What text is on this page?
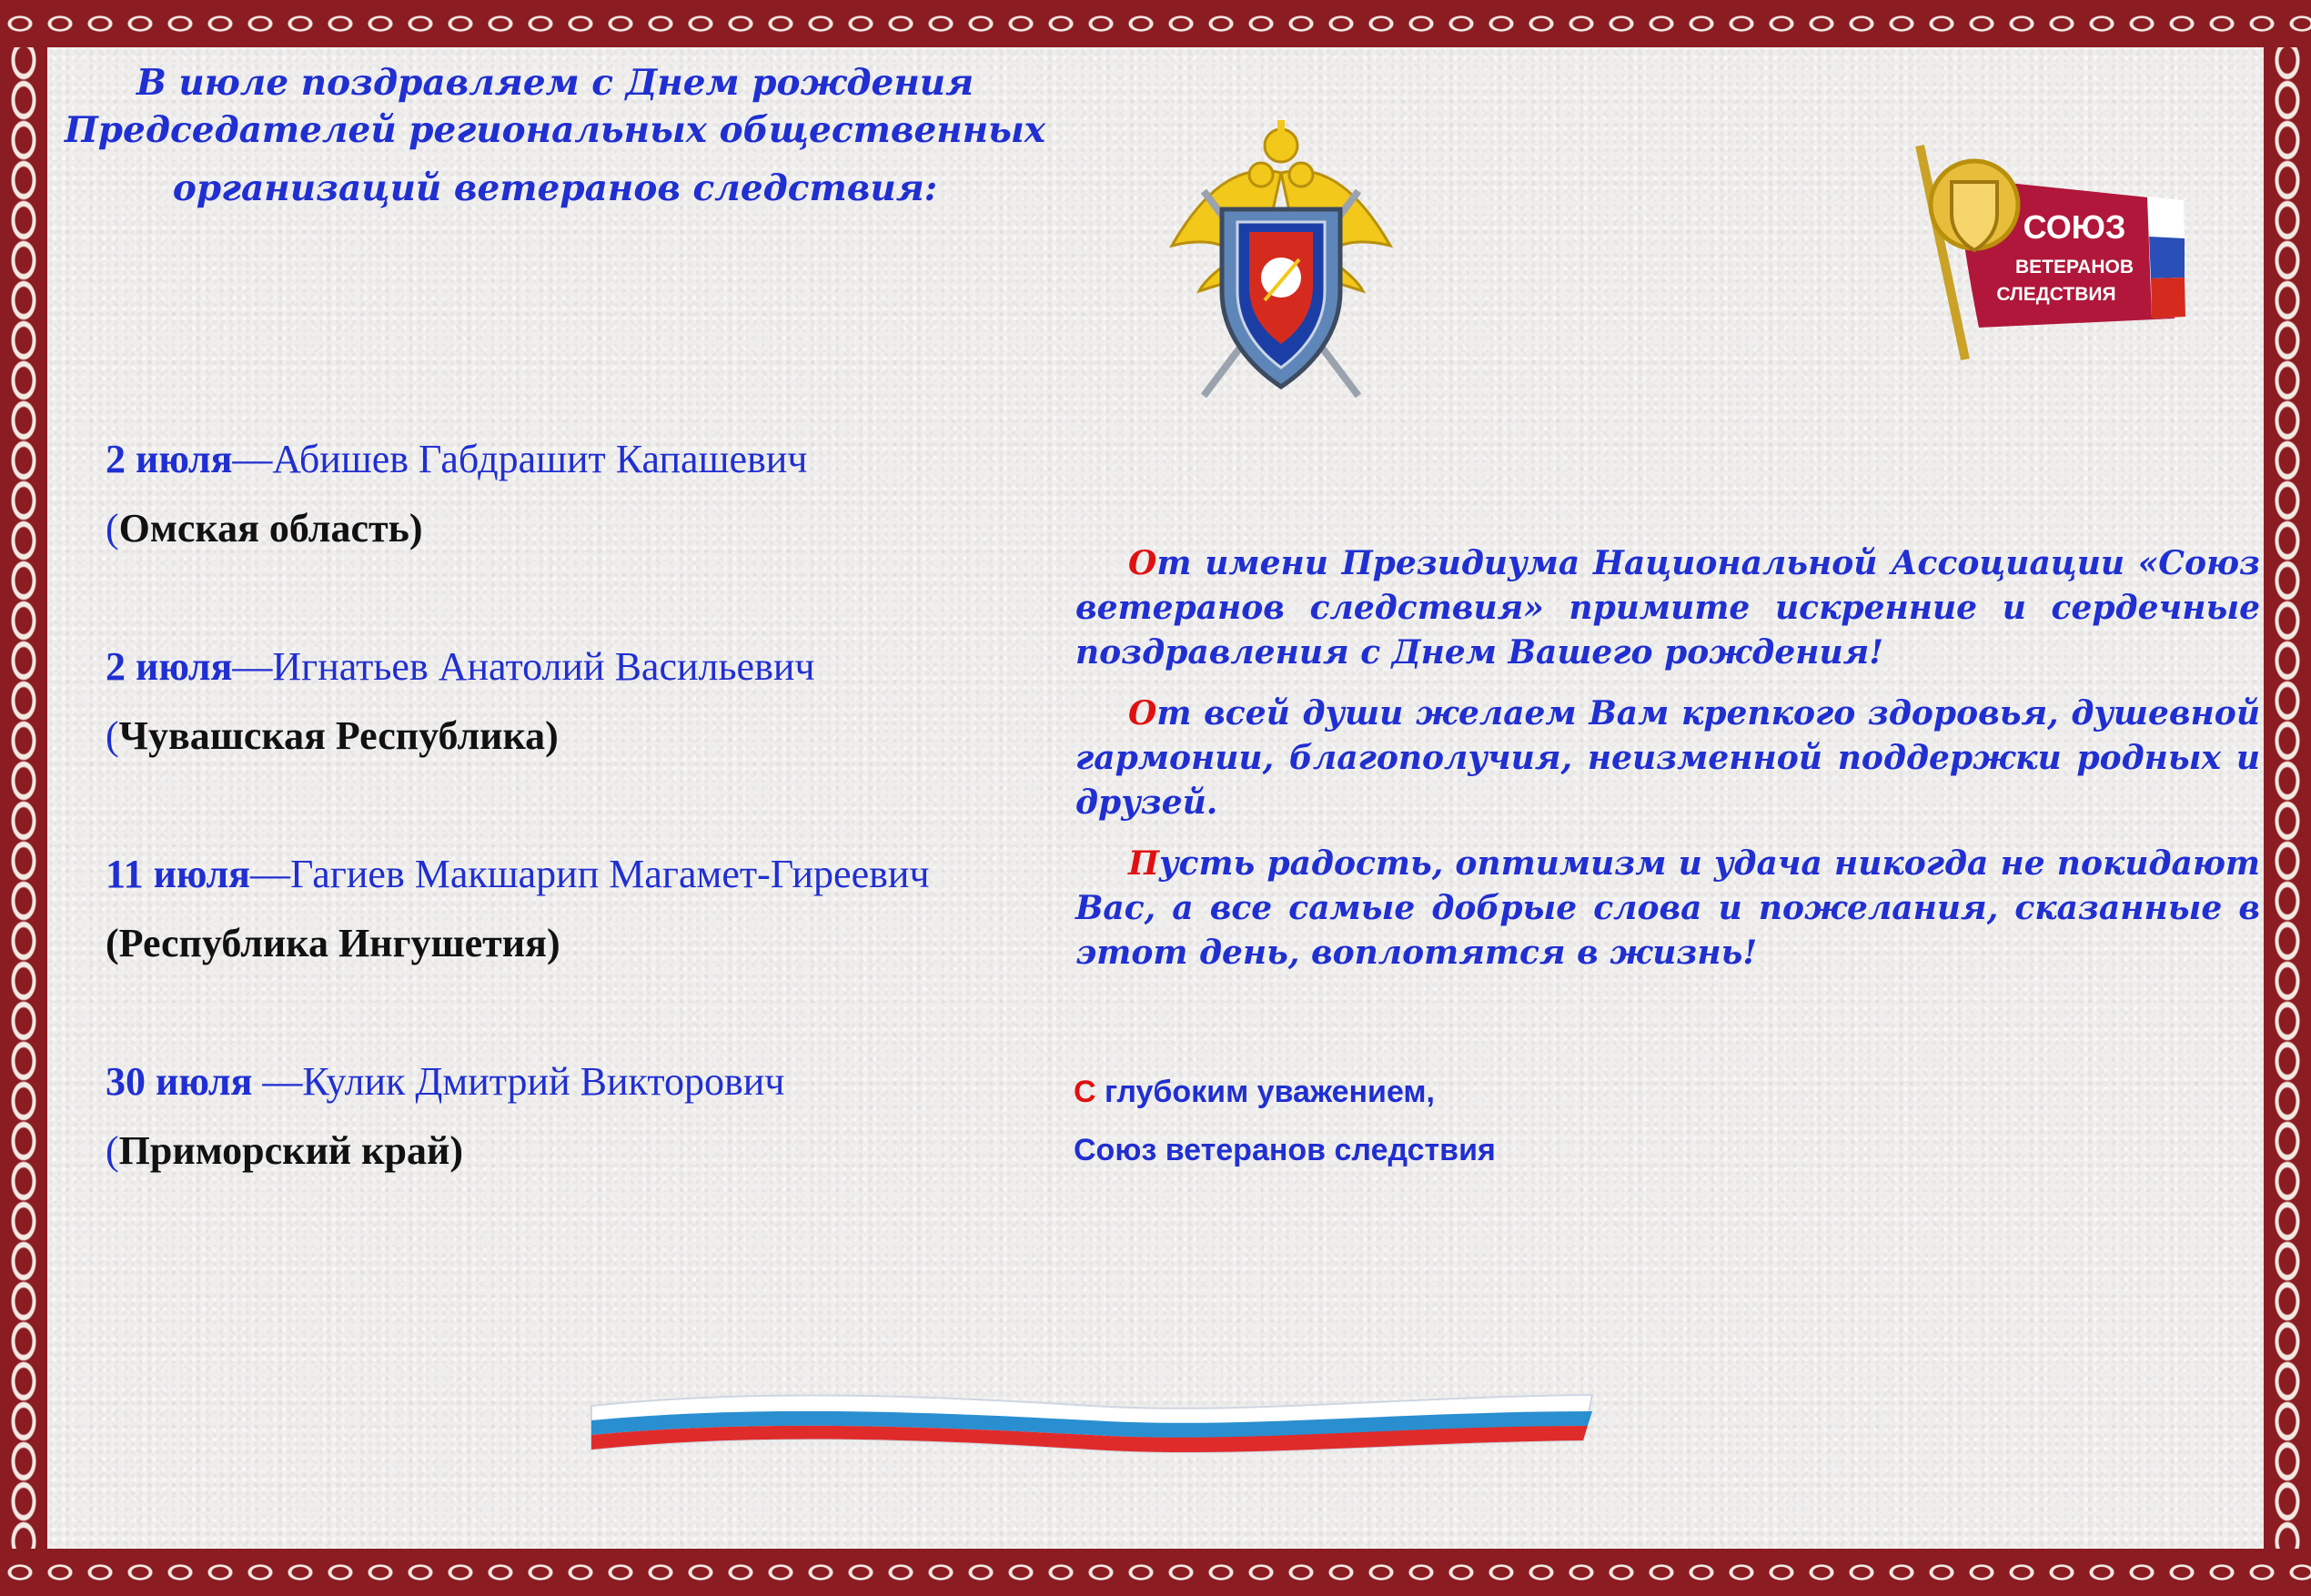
В июле поздравляем с Днем рождения
Председателей региональных общественных
организаций ветеранов следствия:
СОЮЗ
ВЕТЕРАНОВ
СЛЕДСТВИЯ
2 июля—Абишев Габдрашит Капашевич
(Омская область)
2 июля—Игнатьев Анатолий Васильевич
(Чувашская Республика)
11 июля—Гагиев Макшарип Магамет-Гиреевич
(Республика Ингушетия)
30 июля —Кулик Дмитрий Викторович
(Приморский край)

От имени Президиума Национальной Ассоциации «Союз ветеранов следствия» примите искренние и сердечные поздравления с Днем Вашего рождения!

От всей души желаем Вам крепкого здоровья, душевной гармонии, благополучия, неизменной поддержки родных и друзей.

Пусть радость, оптимизм и удача никогда не покидают Вас, а все самые добрые слова и пожелания, сказанные в этот день, воплотятся в жизнь!

С глубоким уважением,
Союз ветеранов следствия
